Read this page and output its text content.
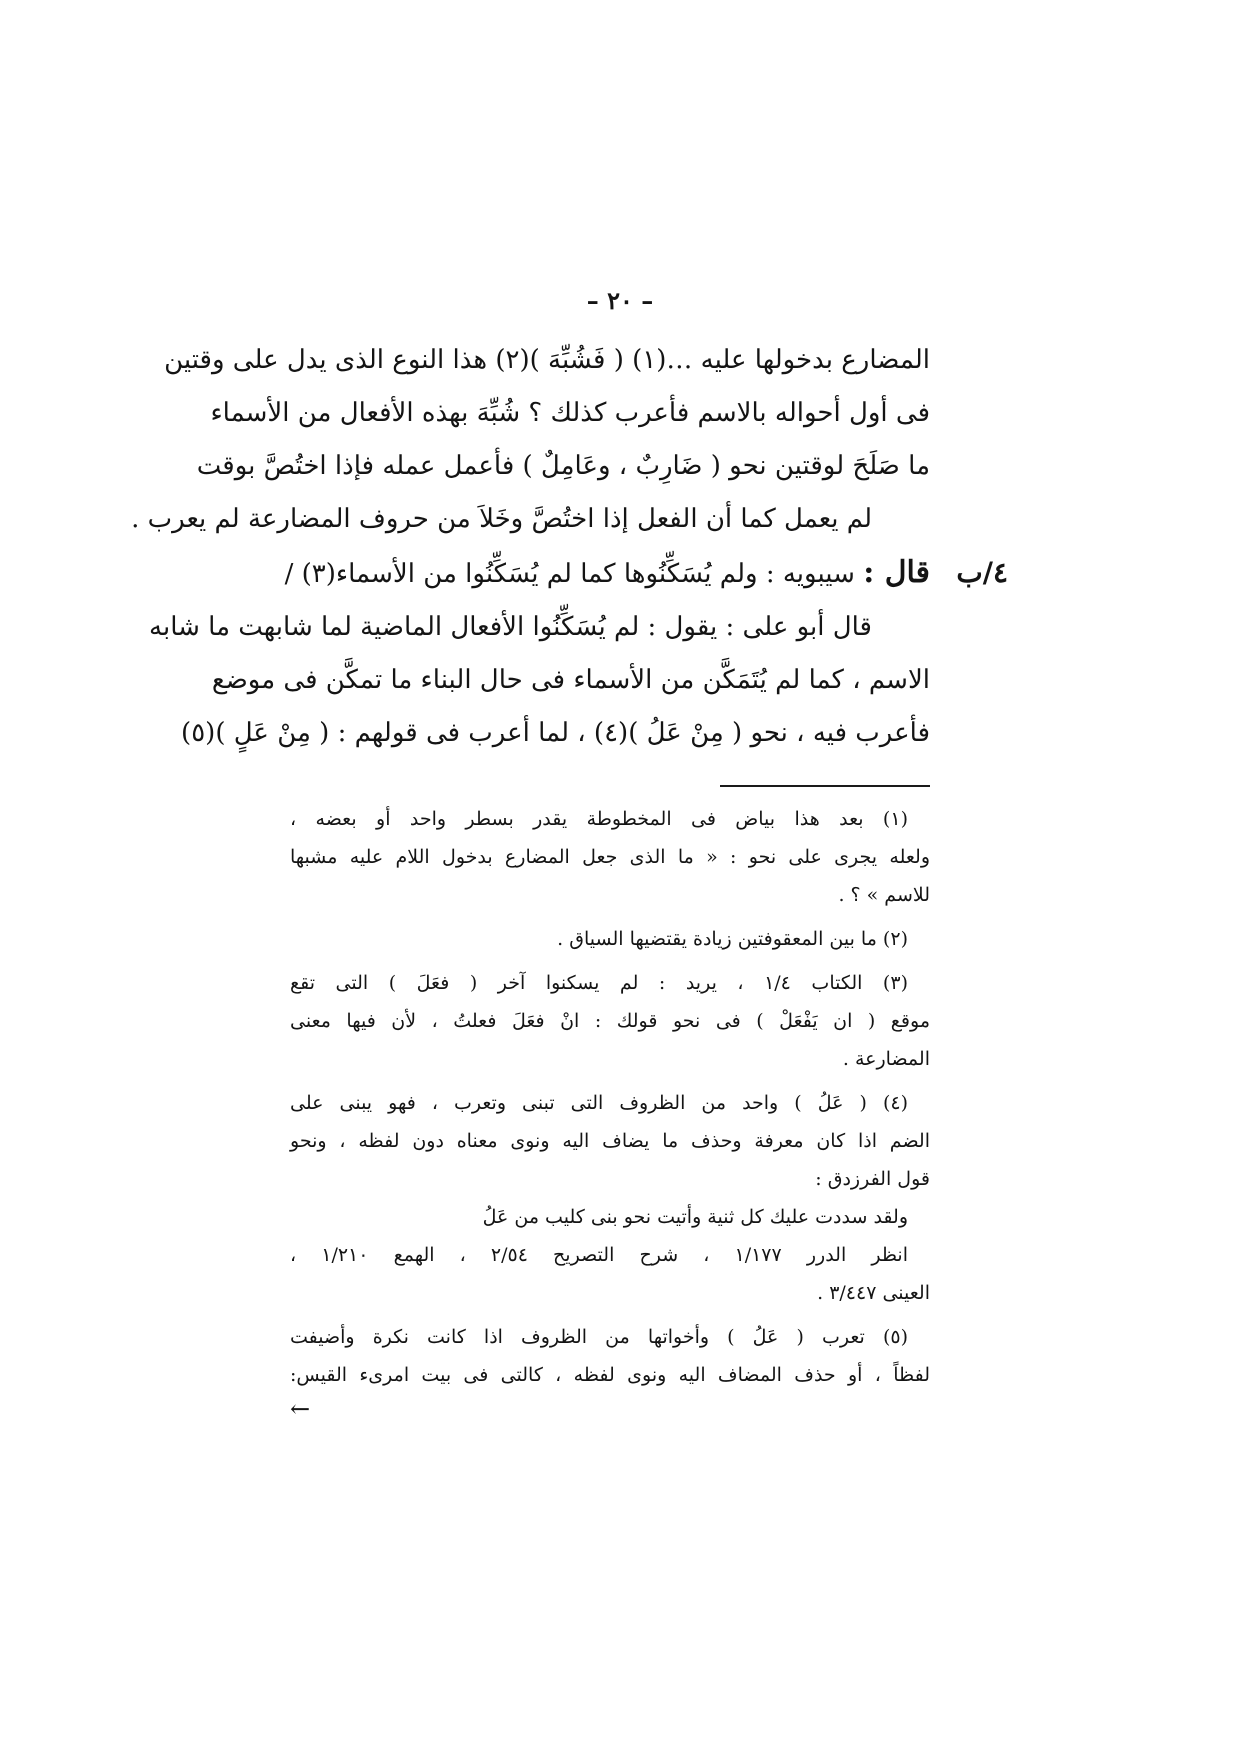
– ٢٠ –
المضارع بدخولها عليه …(١) ( فَشُبِّهَ )(٢) هذا النوع الذى يدل على وقتين
فى أول أحواله بالاسم فأعرب كذلك ؟ شُبِّهَ بهذه الأفعال من الأسماء
ما صَلَحَ لوقتين نحو ( ضَارِبٌ ، وعَامِلٌ ) فأعمل عمله فإذا اختُصَّ بوقت
لم يعمل كما أن الفعل إذا اختُصَّ وخَلاَ من حروف المضارعة لم يعرب .
٤/ب
قال : سيبويه : ولم يُسَكِّنُوها كما لم يُسَكِّنُوا من الأسماء(٣) /
قال أبو على : يقول : لم يُسَكِّنُوا الأفعال الماضية لما شابهت ما شابه
الاسم ، كما لم يُتَمَكَّن من الأسماء فى حال البناء ما تمكَّن فى موضع
فأعرب فيه ، نحو ( مِنْ عَلُ )(٤) ، لما أعرب فى قولهم : ( مِنْ عَلٍ )(٥)
(١) بعد هذا بياض فى المخطوطة يقدر بسطر واحد أو بعضه ،
ولعله يجرى على نحو : « ما الذى جعل المضارع بدخول اللام عليه مشبها
للاسم » ؟ .
(٢) ما بين المعقوفتين زيادة يقتضيها السياق .
(٣) الكتاب ١/٤ ، يريد : لم يسكنوا آخر ( فعَلَ ) التى تقع
موقع ( ان يَفْعَلْ ) فى نحو قولك : انْ فعَلَ فعلتُ ، لأن فيها معنى
المضارعة .
(٤) ( عَلُ ) واحد من الظروف التى تبنى وتعرب ، فهو يبنى على
الضم اذا كان معرفة وحذف ما يضاف اليه ونوى معناه دون لفظه ، ونحو
قول الفرزدق :
ولقد سددت عليك كل ثنية وأتيت نحو بنى كليب من عَلُ
انظر الدرر ١/١٧٧ ، شرح التصريح ٢/٥٤ ، الهمع ١/٢١٠ ،
العينى ٣/٤٤٧ .
(٥) تعرب ( عَلُ ) وأخواتها من الظروف اذا كانت نكرة وأضيفت
لفظاً ، أو حذف المضاف اليه ونوى لفظه ، كالتى فى بيت امرىء القيس:
←
